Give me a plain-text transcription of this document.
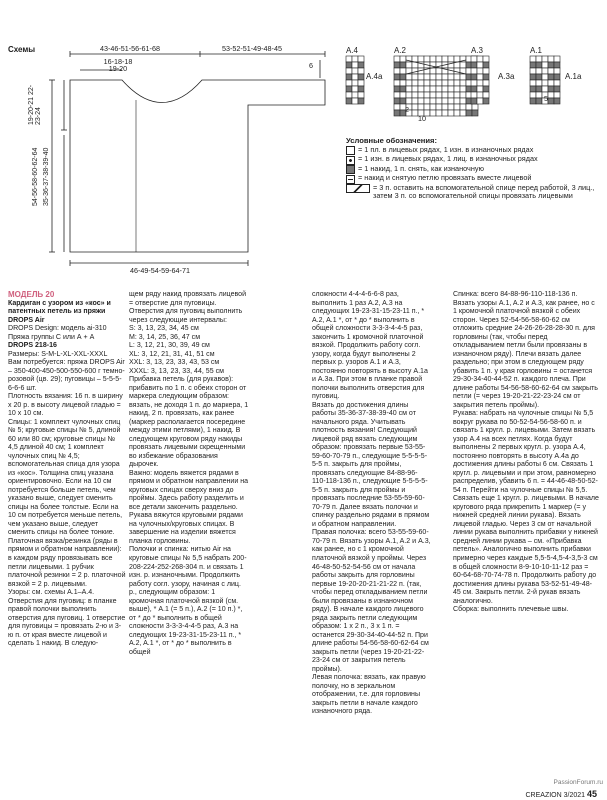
Схемы	43-46-51-56-61-68	53-52-51-49-48-45
16-18-18 19-20	6
19-20-21 22-23-24
54-56-58-60-62-64 35-36-37-38-39-40
46-49-54-59-64-71
A.4
A.4a
A.2
10
2
A.3
A.3a
A.1
A.1a
5
Условные обозначения:
= 1 пл. в лицевых рядах, 1 изн. в изнаночных рядах
= 1 изн. в лицевых рядах, 1 лиц. в изнаночных рядах
= 1 накид, 1 п. снять, как изнаночную
= накид и снятую петлю провязать вместе лицевой
= 3 п. оставить на вспомогательной спице перед работой, 3 лиц., затем 3 п. со вспомогательной спицы провязать лицевыми

МОДЕЛЬ 20

Кардиган с узором из «кос» и патентных петель из пряжи DROPS Air

DROPS Design: модель ai-310 Пряжа группы С или А + А

DROPS 218-16

Размеры: S-M-L-XL-XXL-XXXL

Вам потребуется: пряжа DROPS Air – 350-400-450-500-550-600 г темно-розовой (цв. 29); пуговицы – 5-5-5-6-6-6 шт.

Плотность вязания: 16 п. в ширину х 20 р. в высоту лицевой гладью = 10 х 10 см.

Спицы: 1 комплект чулочных спиц № 5; круговые спицы № 5, длиной 60 или 80 см; круговые спицы № 4,5 длиной 40 см; 1 комплект чулочных спиц № 4,5; вспомогательная спица для узора из «кос». Толщина спиц указана ориентировочно. Если на 10 см потребуется больше петель, чем указано выше, следует сменить спицы на более толстые. Если на 10 см потребуется меньше петель, чем указано выше, следует сменить спицы на более тонкие.

Платочная вязка/резинка (ряды в прямом и обратном направлении): в каждом ряду провязывать все петли лицевыми. 1 рубчик платочной резинки = 2 р. платочной вязкой = 2 р. лицевыми.

Узоры: см. схемы A.1–A.4.

Отверстия для пуговиц: в планке правой полочки выполнить отверстия для пуговиц. 1 отверстие для пуговицы = провязать 2-ю и 3-ю п. от края вместе лицевой и сделать 1 накид. В следую-

щем ряду накид провязать лицевой = отверстие для пуговицы. Отверстия для пуговиц выполнить через следующие интервалы:

S: 3, 13, 23, 34, 45 см

M: 3, 14, 25, 36, 47 см

L: 3, 12, 21, 30, 39, 49 см

XL: 3, 12, 21, 31, 41, 51 см

XXL: 3, 13, 23, 33, 43, 53 см

XXXL: 3, 13, 23, 33, 44, 55 см

Прибавка петель (для рукавов): прибавить по 1 п. с обеих сторон от маркера следующим образом: вязать, не доходя 1 п. до маркера, 1 накид, 2 п. провязать, как ранее (маркер располагается посередине между этими петлями), 1 накид. В следующем круговом ряду накиды провязать лицевыми скрещенными во избежание образования дырочек.

Важно: модель вяжется рядами в прямом и обратном направлении на круговых спицах сверху вниз до проймы. Здесь работу разделить и все детали закончить раздельно. Рукава вяжутся круговыми рядами на чулочных/круговых спицах. В завершение на изделии вяжется планка горловины.

Полочки и спинка: нитью Air на круговые спицы № 5,5 набрать 200-208-224-252-268-304 п. и связать 1 изн. р. изнаночными. Продолжить работу согл. узору, начиная с лиц. р., следующим образом: 1 кромочная платочной вязкой (см. выше), * A.1 (= 5 п.), A.2 (= 10 п.) *, от * до * выполнить в общей сложности 3-3-3-4-4-5 раз, A.3 на следующих 19-23-31-15-23-11 п., * A.2, A.1 *, от * до * выполнить в общей

сложности 4-4-4-6-6-8 раз, выполнить 1 раз A.2, A.3 на следующих 19-23-31-15-23-11 п., * A.2, A.1 *, от * до * выполнить в общей сложности 3-3-3-4-4-5 раз, закончить 1 кромочной платочной вязкой. Продолжить работу согл. узору, когда будут выполнены 2 первых р. узоров A.1 и A.3, постоянно повторять в высоту A.1a и A.3a. При этом в планке правой полочки выполнить отверстия для пуговиц.

Вязать до достижения длины работы 35-36-37-38-39-40 см от начального ряда. Учитывать плотность вязания! Следующий лицевой ряд вязать следующим образом: провязать первые 53-55-59-60-70-79 п., следующие 5-5-5-5-5-5 п. закрыть для проймы, провязать следующие 84-88-96-110-118-136 п., следующие 5-5-5-5-5-5 п. закрыть для проймы и провязать последние 53-55-59-60-70-79 п. Далее вязать полочки и спинку раздельно рядами в прямом и обратном направлении.

Правая полочка: всего 53-55-59-60-70-79 п. Вязать узоры A.1, A.2 и A.3, как ранее, но с 1 кромочной платочной вязкой у проймы. Через 46-48-50-52-54-56 см от начала работы закрыть для горловины первые 19-20-20-21-21-22 п. (так, чтобы перед откладыванием петли были провязаны в изнаночном ряду). В начале каждого лицевого ряда закрыть петли следующим образом: 1 х 2 п., 3 х 1 п. = останется 29-30-34-40-44-52 п. При длине работы 54-56-58-60-62-64 см закрыть петли (через 19-20-21-22-23-24 см от закрытия петель проймы).

Левая полочка: вязать, как правую полочку, но в зеркальном отображении, т.е. для горловины закрыть петли в начале каждого изнаночного ряда.

Спинка: всего 84-88-96-110-118-136 п. Вязать узоры A.1, A.2 и A.3, как ранее, но с 1 кромочной платочной вязкой с обеих сторон. Через 52-54-56-58-60-62 см отложить средние 24-26-26-28-28-30 п. для горловины (так, чтобы перед откладыванием петли были провязаны в изнаночном ряду). Плечи вязать далее раздельно; при этом в следующем ряду убавить 1 п. у края горловины = останется 29-30-34-40-44-52 п. каждого плеча. При длине работы 54-56-58-60-62-64 см закрыть петли (= через 19-20-21-22-23-24 см от закрытия петель проймы).

Рукава: набрать на чулочные спицы № 5,5 вокруг рукава по 50-52-54-56-58-60 п. и связать 1 кругл. р. лицевыми. Затем вязать узор A.4 на всех петлях. Когда будут выполнены 2 первых кругл. р. узора A.4, постоянно повторять в высоту A.4a до достижения длины работы 6 см. Связать 1 кругл. р. лицевыми и при этом, равномерно распределив, убавить 6 п. = 44-46-48-50-52-54 п. Перейти на чулочные спицы № 5,5.

Связать еще 1 кругл. р. лицевыми. В начале кругового ряда прикрепить 1 маркер (= у нижней средней линии рукава). Вязать лицевой гладью. Через 3 см от начальной линии рукава выполнить прибавки у нижней средней линии рукава – см. «Прибавка петель». Аналогично выполнить прибавки примерно через каждые 5,5-5-4,5-4-3,5-3 см в общей сложности 8-9-10-10-11-12 раз = 60-64-68-70-74-78 п. Продолжить работу до достижения длины рукава 53-52-51-49-48-45 см. Закрыть петли. 2-й рукав вязать аналогично.

Сборка: выполнить плечевые швы.

PassionForum.ru
CREAZION 3/2021 45
